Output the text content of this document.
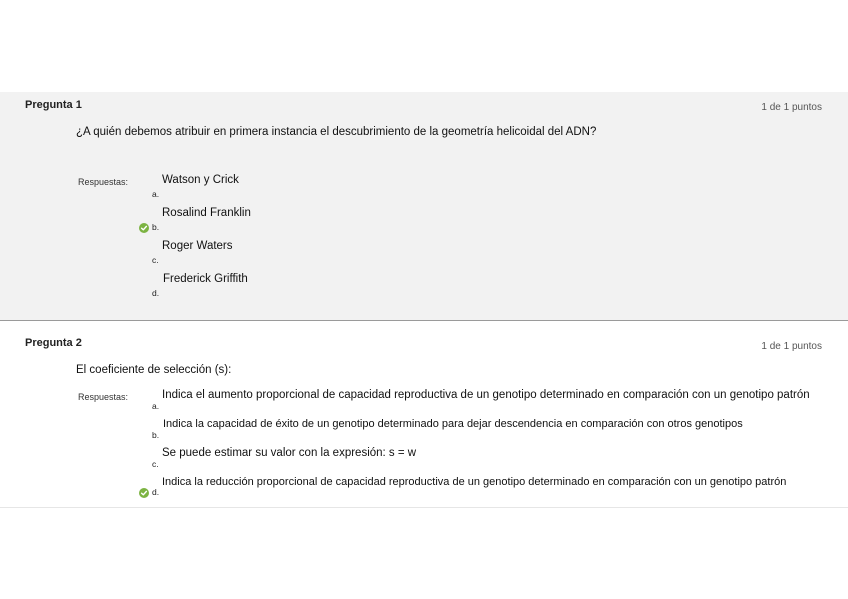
Pregunta 1	1 de 1 puntos
¿A quién debemos atribuir en primera instancia el descubrimiento de la geometría helicoidal del ADN?
Respuestas:	Watson y Crick
a.
Rosalind Franklin
b.
Roger Waters
c.
Frederick Griffith
d.
Pregunta 2	1 de 1 puntos
El coeficiente de selección (s):
Respuestas:	Indica el aumento proporcional de capacidad reproductiva de un genotipo determinado en comparación con un genotipo patrón
a.
Indica la capacidad de éxito de un genotipo determinado para dejar descendencia en comparación con otros genotipos
b.
Se puede estimar su valor con la expresión: s = w
c.
Indica la reducción proporcional de capacidad reproductiva de un genotipo determinado en comparación con un genotipo patrón
d.
